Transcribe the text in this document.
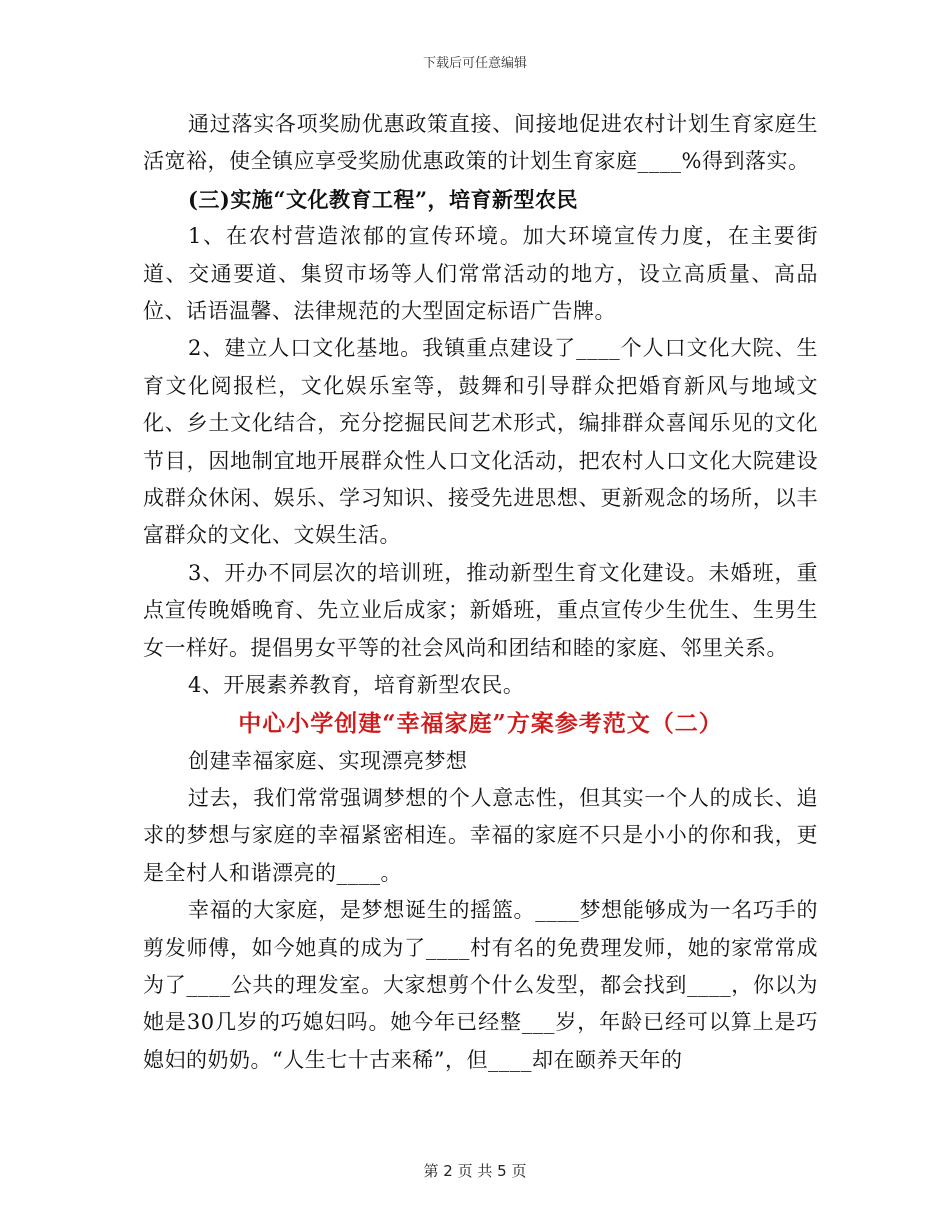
下载后可任意编辑

通过落实各项奖励优惠政策直接、间接地促进农村计划生育家庭生活宽裕，使全镇应享受奖励优惠政策的计划生育家庭____%得到落实。

(三)实施“文化教育工程”，培育新型农民

1、在农村营造浓郁的宣传环境。加大环境宣传力度，在主要街道、交通要道、集贸市场等人们常常活动的地方，设立高质量、高品位、话语温馨、法律规范的大型固定标语广告牌。

2、建立人口文化基地。我镇重点建设了____个人口文化大院、生育文化阅报栏，文化娱乐室等，鼓舞和引导群众把婚育新风与地域文化、乡土文化结合，充分挖掘民间艺术形式，编排群众喜闻乐见的文化节目，因地制宜地开展群众性人口文化活动，把农村人口文化大院建设成群众休闲、娱乐、学习知识、接受先进思想、更新观念的场所，以丰富群众的文化、文娱生活。

3、开办不同层次的培训班，推动新型生育文化建设。未婚班，重点宣传晚婚晚育、先立业后成家；新婚班，重点宣传少生优生、生男生女一样好。提倡男女平等的社会风尚和团结和睦的家庭、邻里关系。

4、开展素养教育，培育新型农民。

中心小学创建“幸福家庭”方案参考范文（二）

创建幸福家庭、实现漂亮梦想

过去，我们常常强调梦想的个人意志性，但其实一个人的成长、追求的梦想与家庭的幸福紧密相连。幸福的家庭不只是小小的你和我，更是全村人和谐漂亮的____。

幸福的大家庭，是梦想诞生的摇篮。____梦想能够成为一名巧手的剪发师傅，如今她真的成为了____村有名的免费理发师，她的家常常成为了____公共的理发室。大家想剪个什么发型，都会找到____，你以为她是30几岁的巧媳妇吗。她今年已经整___岁，年龄已经可以算上是巧媳妇的奶奶。“人生七十古来稀”，但____却在颐养天年的

第 2 页 共 5 页
